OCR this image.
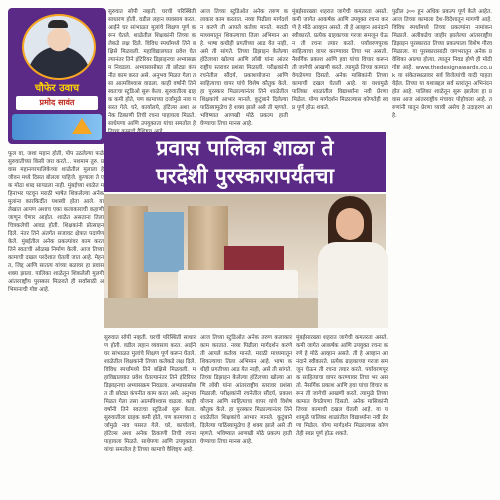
चौफेर उवाच
प्रमोद सावंत
फूल वा, जशा महान होती, पोप उठलेल्या फळे सुरुवातीच्या किसी जरा करते... पशमाम तुरु. प्रवास महानगरपालिकेच्या शाळेतील मुलाला हे जीवन मध्ये दिसत बोलला पाहिजे. कुणाला ते एक मोठा शब्द सापडला नाही. मुंबईच्या शाळेत महिनाभर पटवून मराठी भाषेत शिकलेल्या अनेक मुलांना कारकिर्दीत यशस्वी होता आले. या लेखात आपण अशाच एका कलाकाराची कहाणी जाणून घेणार आहोत. शाळेत असताना तिला चित्रकलेची आवड होती. शिक्षकांनी प्रोत्साहन दिले. नंतर तिने अंतर्गत सजावट क्षेत्रात पदार्पण केले. मुंबईतील अनेक प्रकल्पांवर काम करत तिने स्वतःची ओळख निर्माण केली. आज तिच्या कामाची दखल परदेशात घेतली जात आहे. मेहनत, जिद्द आणि सातत्य यांच्या बळावर हा प्रवास शक्य झाला. पालिका शाळेतून शिकलेली मुलगी आंतरराष्ट्रीय पुरस्कार मिळवते ही सर्वांसाठी अभिमानाची गोष्ट आहे.
सुरुवात सोपी नव्हती. घरची परिस्थिती साधारण होती. वडील लहान व्यवसाय करत. आईने घर सांभाळत मुलांचे शिक्षण पूर्ण करून घेतले. शाळेतील शिक्षकांनी तिच्या कलेकडे लक्ष दिले. विविध स्पर्धांमध्ये तिने बक्षिसे मिळवली. महाविद्यालयात प्रवेश घेतल्यानंतर तिने इंटिरियर डिझाइनचा अभ्यासक्रम निवडला. अभ्यासासोबत ती छोट्या कंपनीत काम करत असे. अनुभव मिळत गेला तसा आत्मविश्वास वाढला. काही वर्षांनी तिने स्वतःचा स्टुडिओ सुरू केला. सुरुवातीला ग्राहक कमी होते, पण कामाच्या दर्जामुळे नाव पसरत गेले. घरे, कार्यालये, हॉटेल्स अशा अनेक ठिकाणी तिची रचना पाहायला मिळते. साधेपणा आणि उपयुक्तता यांचा समतोल हे
आज तिच्या स्टुडिओत अनेक तरुण कलाकार काम करतात. नव्या पिढीला मार्गदर्शन करणे ती आपले कर्तव्य मानते. मराठी माध्यमातून शिकल्याचा तिला अभिमान आहे. भाषा कधीही प्रगतीच्या आड येत नाही, असे ती सांगते. तिच्या डिझाइन केलेल्या हॉटेलच्या खोल्या आणि लॉबी यांना आंतरराष्ट्रीय स्तरावर प्रशंसा मिळाली. परीक्षकांनी रचनेतील सौंदर्य, प्रकाशयोजना आणि साहित्याचा वापर यांचे विशेष कौतुक केले. हा पुरस्कार मिळाल्यानंतर तिने शाळेतील शिक्षकांचे आभार मानले. कुटुंबाने दिलेल्या पाठिंब्यामुळेच हे शक्य झाले असे ती म्हणते. भविष्यात आणखी मोठे प्रकल्प हाती घेण्याचा तिचा मानस आहे.
मुंबईसारख्या शहरात जागेची कमतरता असते. कमी जागेत आकर्षक आणि उपयुक्त रचना करणे हे मोठे आव्हान असते. ती हे आव्हान आनंदाने स्वीकारते. प्रत्येक ग्राहकाच्या गरजा समजून घेऊन ती रचना तयार करते. पर्यावरणपूरक साहित्याचा वापर करण्यावर तिचा भर असतो. नैसर्गिक प्रकाश आणि हवा यांचा विचार करून ती जागेची आखणी करते. त्यामुळे तिच्या कामात वेगळेपणा दिसतो. अनेक मासिकांनी तिच्या कामाची दखल घेतली आहे. या यशामुळे पालिका शाळांतील विद्यार्थ्यांना नवी प्रेरणा मिळेल. योग्य मार्गदर्शन मिळाल्यास कोणतेही स्वप्न पूर्ण होऊ शकते.
पुढील ३०० हून अधिक प्रकल्प पूर्ण केले आहेत. आज तिच्या कामाला देश-विदेशातून मागणी आहे. विविध स्पर्धांमध्ये तिच्या प्रकल्पांना नामांकन मिळाले. अलीकडेच जाहीर झालेल्या आंतरराष्ट्रीय डिझाइन पुरस्कारात तिच्या प्रकल्पाला विशेष गौरव मिळाला. या पुरस्कारासाठी जगभरातून अनेक प्रवेशिका आल्या होत्या. त्यातून निवड होणे ही मोठी गोष्ट आहे. www.thedesignawards.co.uk या संकेतस्थळावर सर्व विजेत्यांची यादी पाहता येईल. तिच्या या यशाबद्दल सर्व स्तरांतून अभिनंदन होत आहे. पालिका शाळेतून सुरू झालेला हा प्रवास आज आंतरराष्ट्रीय मंचावर पोहोचला आहे. तरुणांनी यातून प्रेरणा घ्यावी असेच हे उदाहरण आहे.
प्रवास पालिका शाळा ते
परदेशी पुरस्कारापर्यंतचा
सुरुवात सोपी नव्हती. घरची परिस्थिती साधारण होती. वडील लहान व्यवसाय करत. आईने घर सांभाळत मुलांचे शिक्षण पूर्ण करून घेतले. शाळेतील शिक्षकांनी तिच्या कलेकडे लक्ष दिले. विविध स्पर्धांमध्ये तिने बक्षिसे मिळवली. महाविद्यालयात प्रवेश घेतल्यानंतर तिने इंटिरियर डिझाइनचा अभ्यासक्रम निवडला. अभ्यासासोबत ती छोट्या कंपनीत काम करत असे. अनुभव मिळत गेला तसा आत्मविश्वास वाढला. काही वर्षांनी तिने स्वतःचा स्टुडिओ सुरू केला. सुरुवातीला ग्राहक कमी होते, पण कामाच्या दर्जामुळे नाव पसरत गेले. घरे, कार्यालये, हॉटेल्स अशा अनेक ठिकाणी तिची रचना पाहायला मिळते. साधेपणा आणि उपयुक्तता यांचा समतोल हे तिच्या कामाचे वैशिष्ट्य आहे.
आज तिच्या स्टुडिओत अनेक तरुण कलाकार काम करतात. नव्या पिढीला मार्गदर्शन करणे ती आपले कर्तव्य मानते. मराठी माध्यमातून शिकल्याचा तिला अभिमान आहे. भाषा कधीही प्रगतीच्या आड येत नाही, असे ती सांगते. तिच्या डिझाइन केलेल्या हॉटेलच्या खोल्या आणि लॉबी यांना आंतरराष्ट्रीय स्तरावर प्रशंसा मिळाली. परीक्षकांनी रचनेतील सौंदर्य, प्रकाशयोजना आणि साहित्याचा वापर यांचे विशेष कौतुक केले. हा पुरस्कार मिळाल्यानंतर तिने शाळेतील शिक्षकांचे आभार मानले. कुटुंबाने दिलेल्या पाठिंब्यामुळेच हे शक्य झाले असे ती म्हणते. भविष्यात आणखी मोठे प्रकल्प हाती घेण्याचा तिचा मानस आहे.
मुंबईसारख्या शहरात जागेची कमतरता असते. कमी जागेत आकर्षक आणि उपयुक्त रचना करणे हे मोठे आव्हान असते. ती हे आव्हान आनंदाने स्वीकारते. प्रत्येक ग्राहकाच्या गरजा समजून घेऊन ती रचना तयार करते. पर्यावरणपूरक साहित्याचा वापर करण्यावर तिचा भर असतो. नैसर्गिक प्रकाश आणि हवा यांचा विचार करून ती जागेची आखणी करते. त्यामुळे तिच्या कामात वेगळेपणा दिसतो. अनेक मासिकांनी तिच्या कामाची दखल घेतली आहे. या यशामुळे पालिका शाळांतील विद्यार्थ्यांना नवी प्रेरणा मिळेल. योग्य मार्गदर्शन मिळाल्यास कोणतेही स्वप्न पूर्ण होऊ शकते.
